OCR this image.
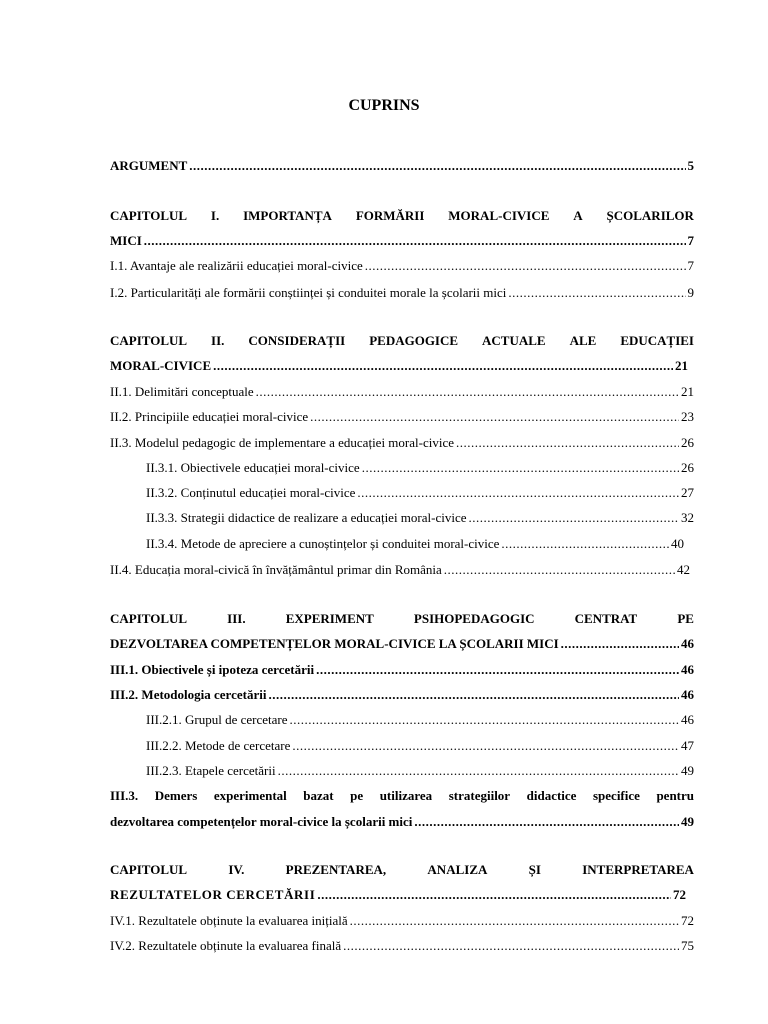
CUPRINS
ARGUMENT .....	5
CAPITOLUL I. IMPORTANȚA FORMĂRII MORAL-CIVICE A ȘCOLARILOR
MICI .....	7
I.1. Avantaje ale realizării educației moral-civice .....	7
I.2. Particularități ale formării conștiinței și conduitei morale la școlarii mici .....	9
CAPITOLUL II. CONSIDERAȚII PEDAGOGICE ACTUALE ALE EDUCAȚIEI
MORAL-CIVICE .....	21
II.1. Delimitări conceptuale .....	21
II.2. Principiile educației moral-civice .....	23
II.3. Modelul pedagogic de implementare a educației moral-civice .....	26
II.3.1. Obiectivele educației moral-civice .....	26
II.3.2. Conținutul educației moral-civice .....	27
II.3.3. Strategii didactice de realizare a educației moral-civice .....	32
II.3.4. Metode de apreciere a cunoștințelor și conduitei moral-civice .....	40
II.4. Educația moral-civică în învățământul primar din România .....	42
CAPITOLUL	III.	EXPERIMENT	PSIHOPEDAGOGIC	CENTRAT	PE
DEZVOLTAREA COMPETENȚELOR MORAL-CIVICE LA ȘCOLARII MICI .....	46
III.1. Obiectivele și ipoteza cercetării .....	46
III.2. Metodologia cercetării .....	46
III.2.1. Grupul de cercetare .....	46
III.2.2. Metode de cercetare .....	47
III.2.3. Etapele cercetării .....	49
III.3. Demers experimental bazat pe utilizarea strategiilor didactice specifice pentru
dezvoltarea competențelor moral-civice la școlarii mici .....	49
CAPITOLUL	IV.	PREZENTAREA,	ANALIZA	ȘI	INTERPRETAREA
REZULTATELOR CERCETĂRII .....	72
IV.1. Rezultatele obținute la evaluarea inițială .....	72
IV.2. Rezultatele obținute la evaluarea finală .....	75
